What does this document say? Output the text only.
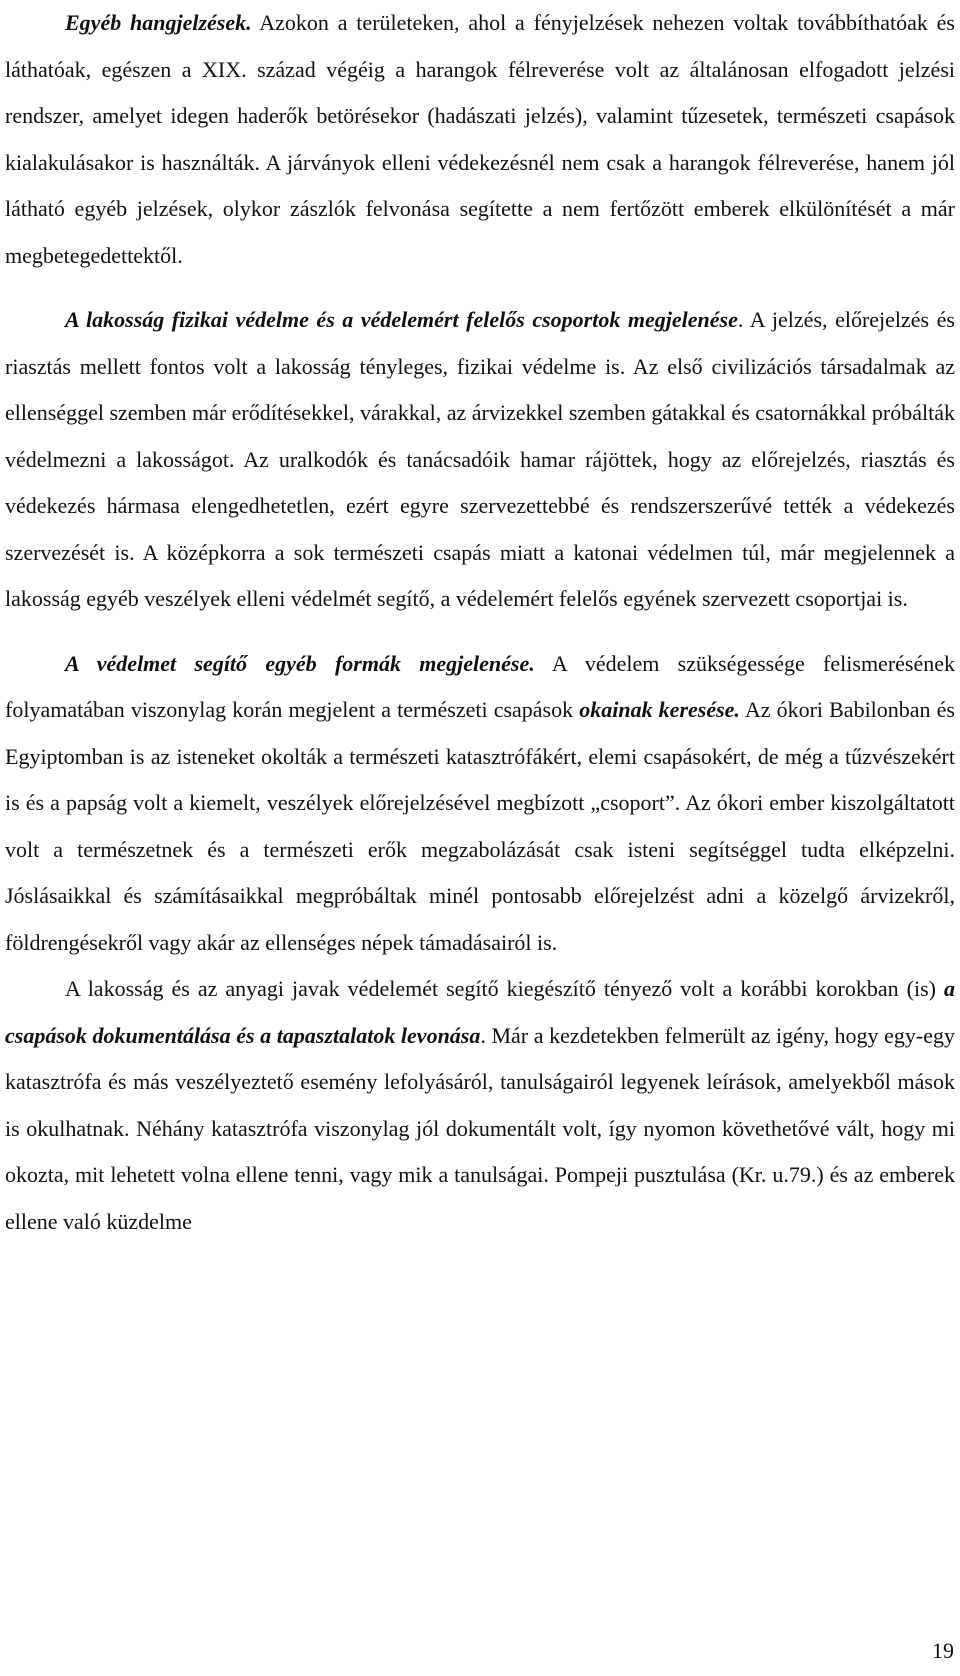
Egyéb hangjelzések. Azokon a területeken, ahol a fényjelzések nehezen voltak továbbíthatóak és láthatóak, egészen a XIX. század végéig a harangok félreverése volt az általánosan elfogadott jelzési rendszer, amelyet idegen haderők betörésekor (hadászati jelzés), valamint tűzesetek, természeti csapások kialakulásakor is használták. A járványok elleni védekezésnél nem csak a harangok félreverése, hanem jól látható egyéb jelzések, olykor zászlók felvonása segítette a nem fertőzött emberek elkülönítését a már megbetegedettektől.

A lakosság fizikai védelme és a védelemért felelős csoportok megjelenése. A jelzés, előrejelzés és riasztás mellett fontos volt a lakosság tényleges, fizikai védelme is. Az első civilizációs társadalmak az ellenséggel szemben már erődítésekkel, várakkal, az árvizekkel szemben gátakkal és csatornákkal próbálták védelmezni a lakosságot. Az uralkodók és tanácsadóik hamar rájöttek, hogy az előrejelzés, riasztás és védekezés hármasa elengedhetetlen, ezért egyre szervezettebbé és rendszerszerűvé tették a védekezés szervezését is. A középkorra a sok természeti csapás miatt a katonai védelmen túl, már megjelennek a lakosság egyéb veszélyek elleni védelmét segítő, a védelemért felelős egyének szervezett csoportjai is.

A védelmet segítő egyéb formák megjelenése. A védelem szükségessége felismerésének folyamatában viszonylag korán megjelent a természeti csapások okainak keresése. Az ókori Babilonban és Egyiptomban is az isteneket okolták a természeti katasztrófákért, elemi csapásokért, de még a tűzvészekért is és a papság volt a kiemelt, veszélyek előrejelzésével megbízott „csoport”. Az ókori ember kiszolgáltatott volt a természetnek és a természeti erők megzabolázását csak isteni segítséggel tudta elképzelni. Jóslásaikkal és számításaikkal megpróbáltak minél pontosabb előrejelzést adni a közelgő árvizekről, földrengésekről vagy akár az ellenséges népek támadásairól is.

A lakosság és az anyagi javak védelemét segítő kiegészítő tényező volt a korábbi korokban (is) a csapások dokumentálása és a tapasztalatok levonása. Már a kezdetekben felmerült az igény, hogy egy-egy katasztrófa és más veszélyeztető esemény lefolyásáról, tanulságairól legyenek leírások, amelyekből mások is okulhatnak. Néhány katasztrófa viszonylag jól dokumentált volt, így nyomon követhetővé vált, hogy mi okozta, mit lehetett volna ellene tenni, vagy mik a tanulságai. Pompeji pusztulása (Kr. u.79.) és az emberek ellene való küzdelme

19
